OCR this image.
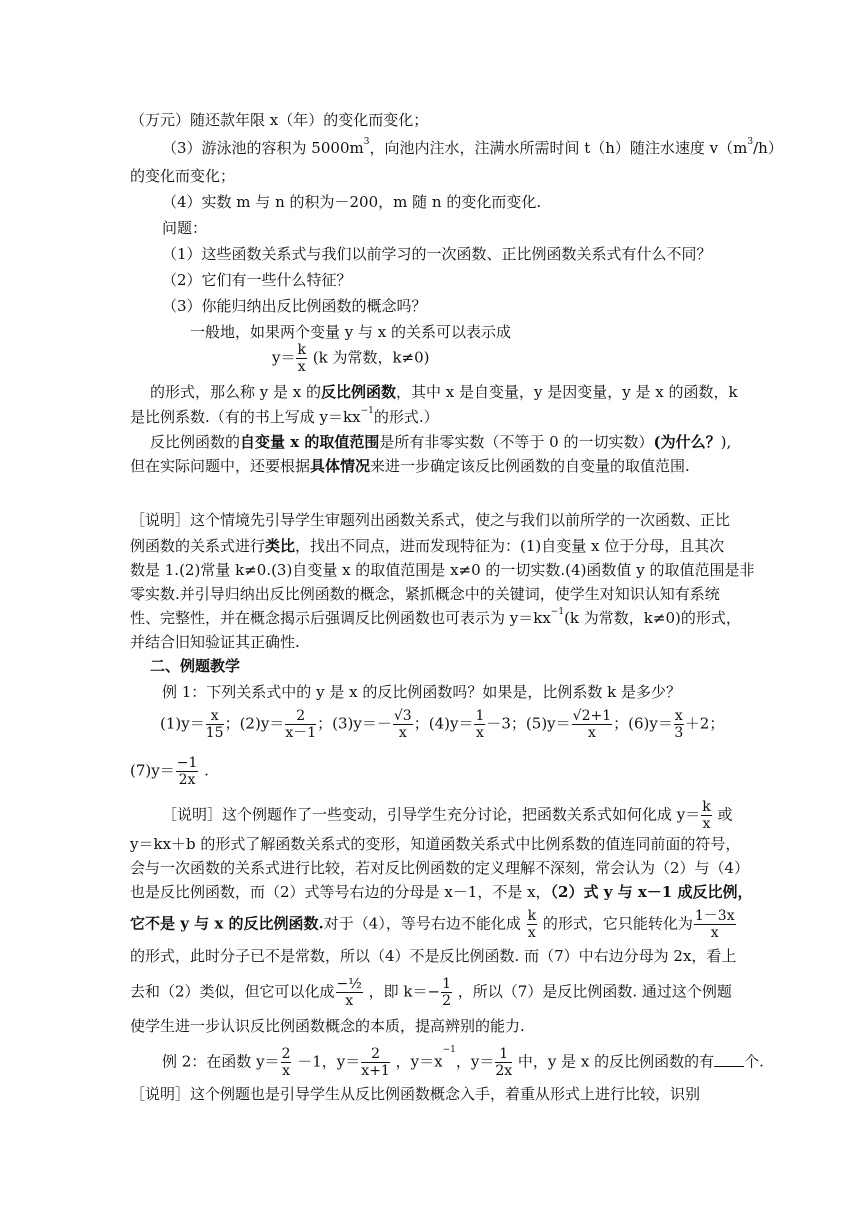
（万元）随还款年限 x（年）的变化而变化；
（3）游泳池的容积为 $5000m^3$，向池内注水，注满水所需时间 t（h）随注水速度 $v(m^3/h)$
的变化而变化；
（4）实数 m 与 n 的积为－200，m 随 n 的变化而变化.
问题：
（1）这些函数关系式与我们以前学习的一次函数、正比例函数关系式有什么不同？
（2）它们有一些什么特征？
（3）你能归纳出反比例函数的概念吗？
一般地，如果两个变量 y 与 x 的关系可以表示成
$y= \frac{k}{x} (k$ 为常数，k≠0)
的形式，那么称 y 是 x 的反比例函数，其中 x 是自变量，y 是因变量，y 是 x 的函数，k
是比例系数.（有的书上写成 $y=kx^{-1}$的形式.）
反比例函数的自变量 x 的取值范围是所有非零实数（不等于 0 的一切实数）(为什么？),
但在实际问题中，还要根据具体情况来进一步确定该反比例函数的自变量的取值范围.
［说明］这个情境先引导学生审题列出函数关系式，使之与我们以前所学的一次函数、正比
例函数的关系式进行类比，找出不同点，进而发现特征为：(1)自变量 x 位于分母，且其次
数是 1.(2)常量 k≠0.(3)自变量 x 的取值范围是 x≠0 的一切实数.(4)函数值 y 的取值范围是非
零实数.并引导归纳出反比例函数的概念，紧抓概念中的关键词，使学生对知识认知有系统
性、完整性，并在概念揭示后强调反比例函数也可表示为 $y=kx^{-1}(k$ 为常数，k≠0)的形式，
并结合旧知验证其正确性.
二、例题教学
例 1：下列关系式中的 y 是 x 的反比例函数吗？如果是，比例系数 k 是多少？
$(1)y= \frac{x}{15}$ ；$(2)y= \frac{2}{x-1}$ ；$(3)y=- \frac{√3}{x}$ ；$(4)y= \frac{1}{x} -3$；$(5)y= \frac{√2+1}{x}$ ；$(6)y= \frac{x}{3} +2$；
$(7)y= \frac{-1}{2x}$ .
［说明］这个例题作了一些变动，引导学生充分讨论，把函数关系式如何化成 $y= \frac{k}{x}$ 或
y＝kx＋b 的形式了解函数关系式的变形，知道函数关系式中比例系数的值连同前面的符号，
会与一次函数的关系式进行比较，若对反比例函数的定义理解不深刻，常会认为（2）与（4）
也是反比例函数，而（2）式等号右边的分母是 x－1，不是 x，（2）式 y 与 x－1 成反比例，
它不是 y 与 x 的反比例函数.对于（4），等号右边不能化成 $\frac{k}{x}$ 的形式，它只能转化为 $\frac{1-3x}{x}$
的形式，此时分子已不是常数，所以（4）不是反比例函数. 而（7）中右边分母为 2x，看上
去和（2）类似，但它可以化成 −½
x
，即 $k=- \frac{1}{2}$ ，所以（7）是反比例函数. 通过这个例题
使学生进一步认识反比例函数概念的本质，提高辨别的能力.
例 2：在函数 $y= \frac{2}{x} -1$，$y= \frac{2}{x+1}$ ，$y=x^{-1}$，$y= \frac{1}{2x}$ 中，y 是 x 的反比例函数的有 个.
［说明］这个例题也是引导学生从反比例函数概念入手，着重从形式上进行比较，识别
